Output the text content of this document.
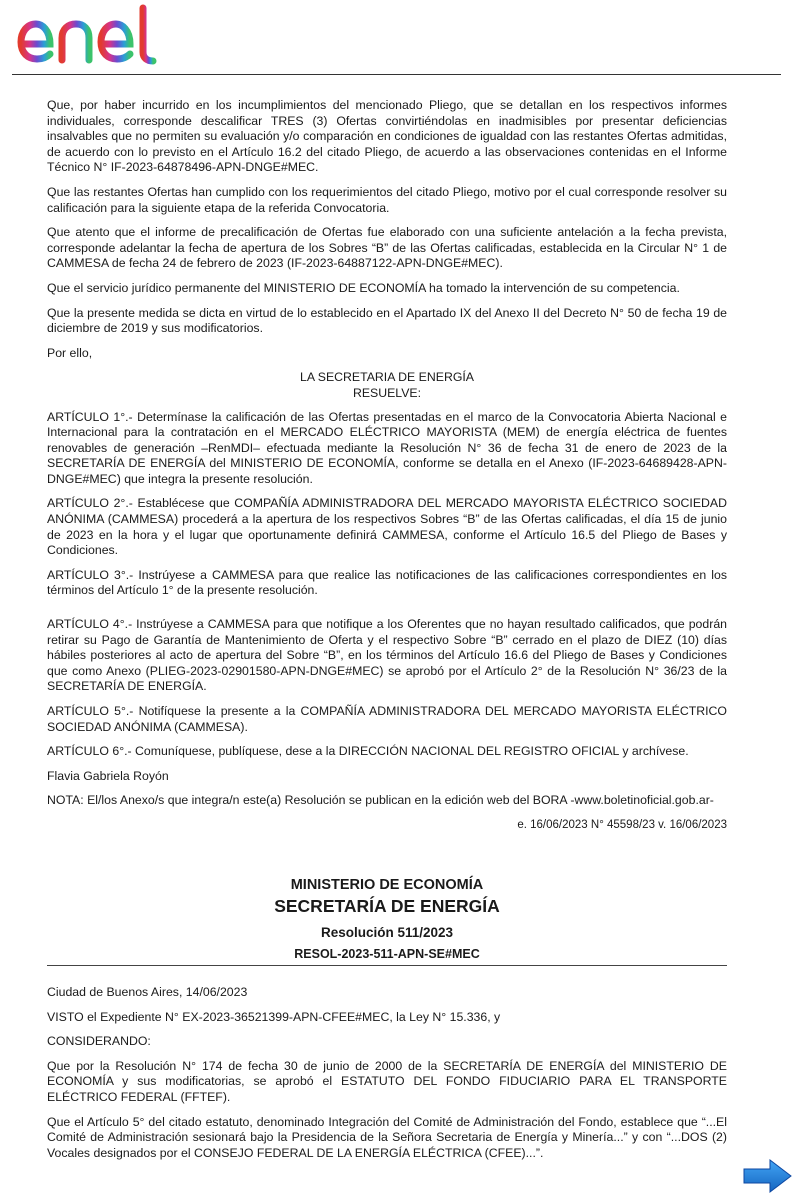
Que, por haber incurrido en los incumplimientos del mencionado Pliego, que se detallan en los respectivos informes individuales, corresponde descalificar TRES (3) Ofertas convirtiéndolas en inadmisibles por presentar deficiencias insalvables que no permiten su evaluación y/o comparación en condiciones de igualdad con las restantes Ofertas admitidas, de acuerdo con lo previsto en el Artículo 16.2 del citado Pliego, de acuerdo a las observaciones contenidas en el Informe Técnico N° IF-2023-64878496-APN-DNGE#MEC.

Que las restantes Ofertas han cumplido con los requerimientos del citado Pliego, motivo por el cual corresponde resolver su calificación para la siguiente etapa de la referida Convocatoria.

Que atento que el informe de precalificación de Ofertas fue elaborado con una suficiente antelación a la fecha prevista, corresponde adelantar la fecha de apertura de los Sobres “B” de las Ofertas calificadas, establecida en la Circular N° 1 de CAMMESA de fecha 24 de febrero de 2023 (IF-2023-64887122-APN-DNGE#MEC).

Que el servicio jurídico permanente del MINISTERIO DE ECONOMÍA ha tomado la intervención de su competencia.

Que la presente medida se dicta en virtud de lo establecido en el Apartado IX del Anexo II del Decreto N° 50 de fecha 19 de diciembre de 2019 y sus modificatorios.

Por ello,

LA SECRETARIA DE ENERGÍA

RESUELVE:

ARTÍCULO 1°.- Determínase la calificación de las Ofertas presentadas en el marco de la Convocatoria Abierta Nacional e Internacional para la contratación en el MERCADO ELÉCTRICO MAYORISTA (MEM) de energía eléctrica de fuentes renovables de generación –RenMDI– efectuada mediante la Resolución N° 36 de fecha 31 de enero de 2023 de la SECRETARÍA DE ENERGÍA del MINISTERIO DE ECONOMÍA, conforme se detalla en el Anexo (IF-2023-64689428-APN-DNGE#MEC) que integra la presente resolución.

ARTÍCULO 2°.- Establécese que COMPAÑÍA ADMINISTRADORA DEL MERCADO MAYORISTA ELÉCTRICO SOCIEDAD ANÓNIMA (CAMMESA) procederá a la apertura de los respectivos Sobres “B” de las Ofertas calificadas, el día 15 de junio de 2023 en la hora y el lugar que oportunamente definirá CAMMESA, conforme el Artículo 16.5 del Pliego de Bases y Condiciones.

ARTÍCULO 3°.- Instrúyese a CAMMESA para que realice las notificaciones de las calificaciones correspondientes en los términos del Artículo 1° de la presente resolución.

ARTÍCULO 4°.- Instrúyese a CAMMESA para que notifique a los Oferentes que no hayan resultado calificados, que podrán retirar su Pago de Garantía de Mantenimiento de Oferta y el respectivo Sobre “B” cerrado en el plazo de DIEZ (10) días hábiles posteriores al acto de apertura del Sobre “B”, en los términos del Artículo 16.6 del Pliego de Bases y Condiciones que como Anexo (PLIEG-2023-02901580-APN-DNGE#MEC) se aprobó por el Artículo 2° de la Resolución N° 36/23 de la SECRETARÍA DE ENERGÍA.

ARTÍCULO 5°.- Notifíquese la presente a la COMPAÑÍA ADMINISTRADORA DEL MERCADO MAYORISTA ELÉCTRICO SOCIEDAD ANÓNIMA (CAMMESA).

ARTÍCULO 6°.- Comuníquese, publíquese, dese a la DIRECCIÓN NACIONAL DEL REGISTRO OFICIAL y archívese.

Flavia Gabriela Royón

NOTA: El/los Anexo/s que integra/n este(a) Resolución se publican en la edición web del BORA -www.boletinoficial.gob.ar-

e. 16/06/2023 N° 45598/23 v. 16/06/2023

MINISTERIO DE ECONOMÍA
SECRETARÍA DE ENERGÍA
Resolución 511/2023
RESOL-2023-511-APN-SE#MEC

Ciudad de Buenos Aires, 14/06/2023

VISTO el Expediente N° EX-2023-36521399-APN-CFEE#MEC, la Ley N° 15.336, y

CONSIDERANDO:

Que por la Resolución N° 174 de fecha 30 de junio de 2000 de la SECRETARÍA DE ENERGÍA del MINISTERIO DE ECONOMÍA y sus modificatorias, se aprobó el ESTATUTO DEL FONDO FIDUCIARIO PARA EL TRANSPORTE ELÉCTRICO FEDERAL (FFTEF).

Que el Artículo 5° del citado estatuto, denominado Integración del Comité de Administración del Fondo, establece que “...El Comité de Administración sesionará bajo la Presidencia de la Señora Secretaria de Energía y Minería...” y con “...DOS (2) Vocales designados por el CONSEJO FEDERAL DE LA ENERGÍA ELÉCTRICA (CFEE)...”.
